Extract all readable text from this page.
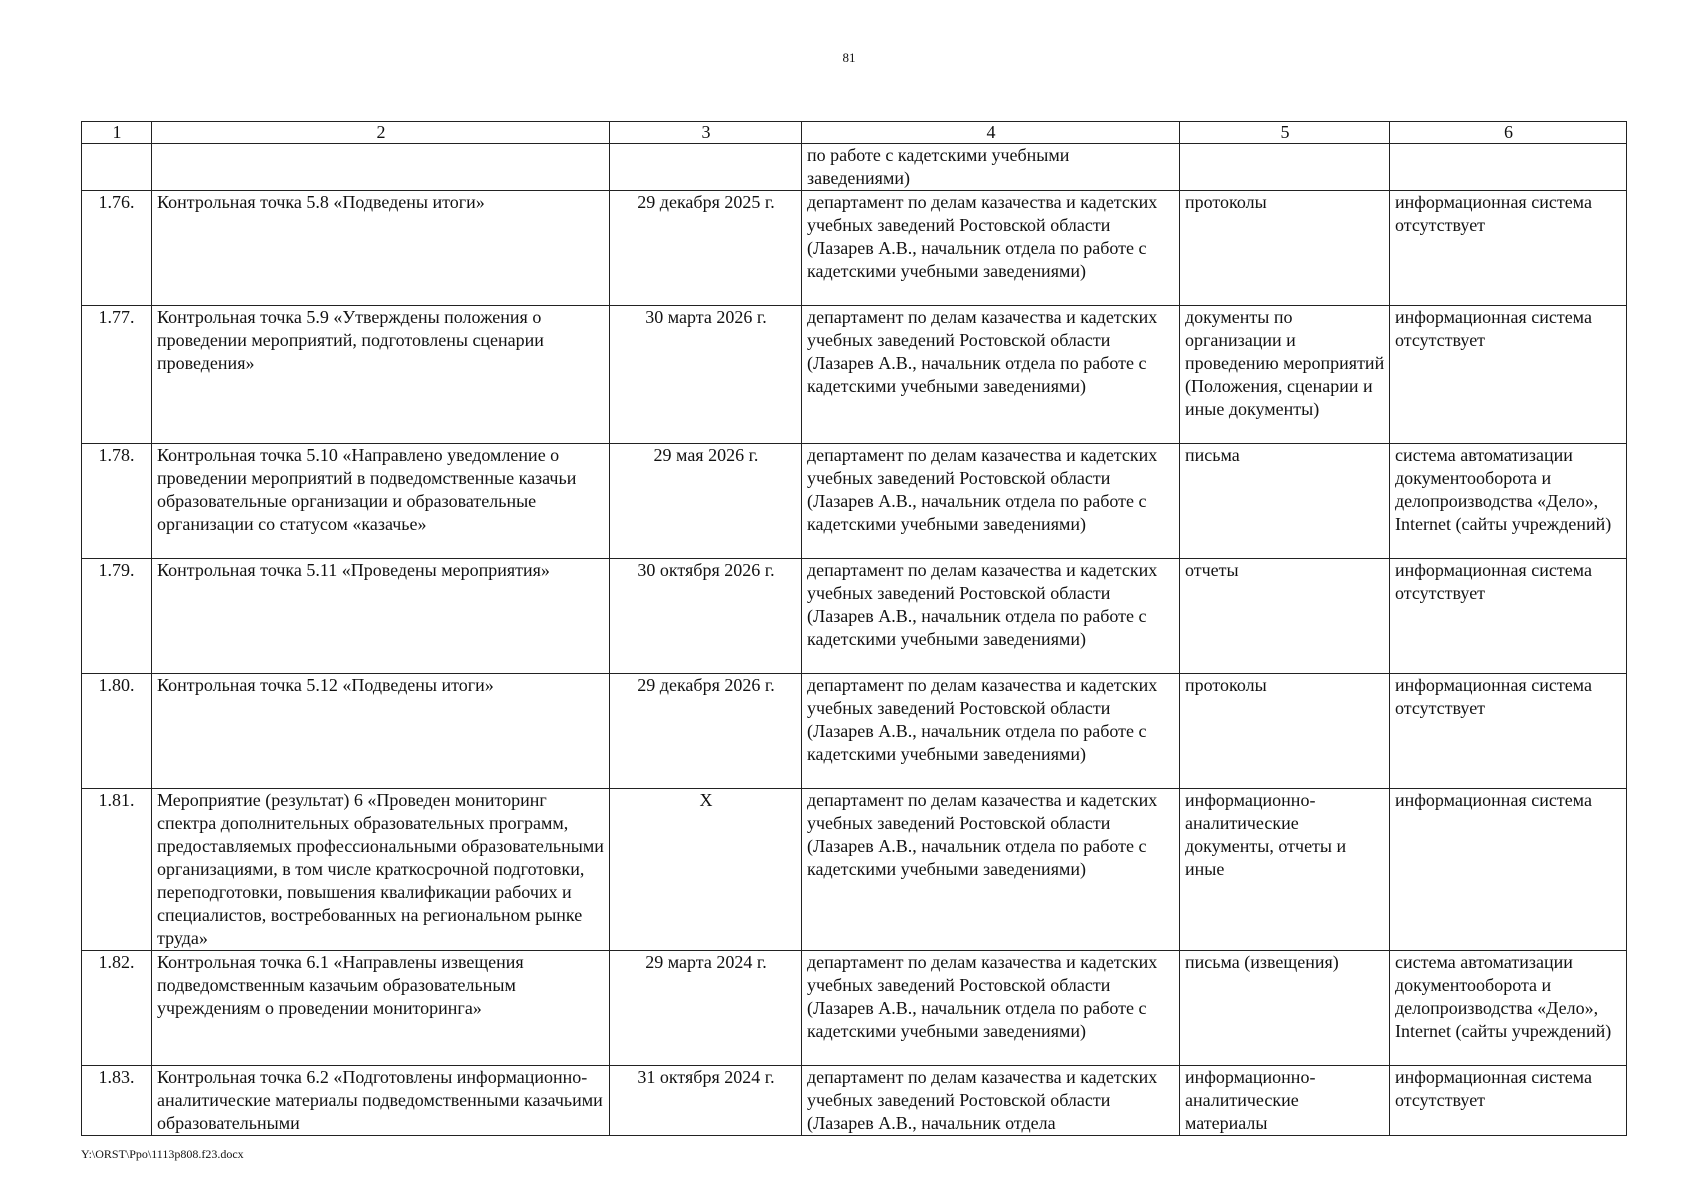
81
1	2	3	4	5	6
			по работе с кадетскими учебными заведениями)		
1.76.	Контрольная точка 5.8 «Подведены итоги»	29 декабря 2025 г.	департамент по делам казачества и кадетских учебных заведений Ростовской области (Лазарев А.В., начальник отдела по работе с кадетскими учебными заведениями)	протоколы	информационная система отсутствует
1.77.	Контрольная точка 5.9 «Утверждены положения о проведении мероприятий, подготовлены сценарии проведения»	30 марта 2026 г.	департамент по делам казачества и кадетских учебных заведений Ростовской области (Лазарев А.В., начальник отдела по работе с кадетскими учебными заведениями)	документы по организации и проведению мероприятий (Положения, сценарии и иные документы)	информационная система отсутствует
1.78.	Контрольная точка 5.10 «Направлено уведомление о проведении мероприятий в подведомственные казачьи образовательные организации и образовательные организации со статусом «казачье»	29 мая 2026 г.	департамент по делам казачества и кадетских учебных заведений Ростовской области (Лазарев А.В., начальник отдела по работе с кадетскими учебными заведениями)	письма	система автоматизации документооборота и делопроизводства «Дело», Internet (сайты учреждений)
1.79.	Контрольная точка 5.11 «Проведены мероприятия»	30 октября 2026 г.	департамент по делам казачества и кадетских учебных заведений Ростовской области (Лазарев А.В., начальник отдела по работе с кадетскими учебными заведениями)	отчеты	информационная система отсутствует
1.80.	Контрольная точка 5.12 «Подведены итоги»	29 декабря 2026 г.	департамент по делам казачества и кадетских учебных заведений Ростовской области (Лазарев А.В., начальник отдела по работе с кадетскими учебными заведениями)	протоколы	информационная система отсутствует
1.81.	Мероприятие (результат) 6 «Проведен мониторинг спектра дополнительных образовательных программ, предоставляемых профессиональными образовательными организациями, в том числе краткосрочной подготовки, переподготовки, повышения квалификации рабочих и специалистов, востребованных на региональном рынке труда»	X	департамент по делам казачества и кадетских учебных заведений Ростовской области (Лазарев А.В., начальник отдела по работе с кадетскими учебными заведениями)	информационно-аналитические документы, отчеты и иные	информационная система
1.82.	Контрольная точка 6.1 «Направлены извещения подведомственным казачьим образовательным учреждениям о проведении мониторинга»	29 марта 2024 г.	департамент по делам казачества и кадетских учебных заведений Ростовской области (Лазарев А.В., начальник отдела по работе с кадетскими учебными заведениями)	письма (извещения)	система автоматизации документооборота и делопроизводства «Дело», Internet (сайты учреждений)
1.83.	Контрольная точка 6.2 «Подготовлены информационно-аналитические материалы подведомственными казачьими образовательными	31 октября 2024 г.	департамент по делам казачества и кадетских учебных заведений Ростовской области (Лазарев А.В., начальник отдела	информационно-аналитические материалы	информационная система отсутствует
Y:\ORST\Ppo\1113p808.f23.docx
